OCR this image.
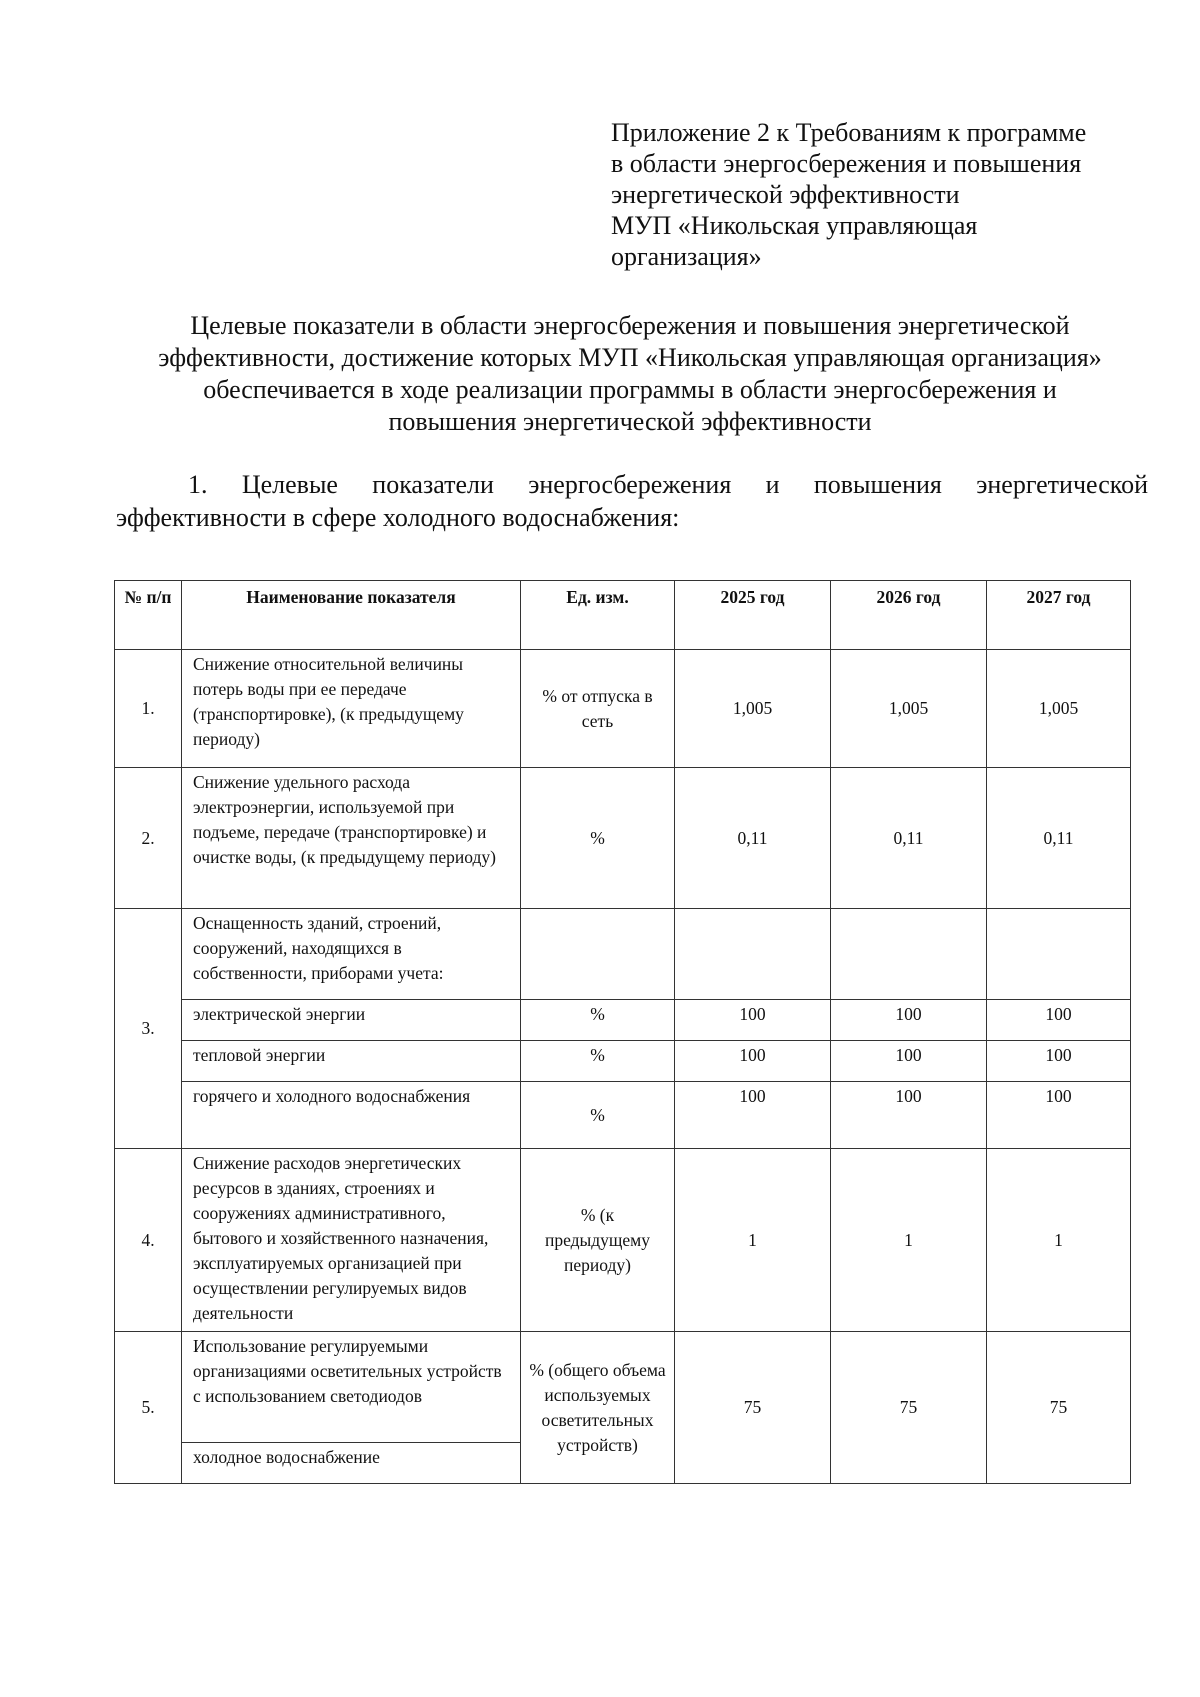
Приложение 2 к Требованиям к программе
в области энергосбережения и повышения
энергетической эффективности
МУП «Никольская управляющая
организация»
Целевые показатели в области энергосбережения и повышения энергетической
эффективности, достижение которых МУП «Никольская управляющая организация»
обеспечивается в ходе реализации программы в области энергосбережения и
повышения энергетической эффективности
1. Целевые показатели энергосбережения и повышения энергетической
эффективности в сфере холодного водоснабжения:
№ п/п	Наименование показателя	Ед. изм.	2025 год	2026 год	2027 год
1.	Снижение относительной величины потерь воды при ее передаче (транспортировке), (к предыдущему периоду)	% от отпуска в сеть	1,005	1,005	1,005
2.	Снижение удельного расхода электроэнергии, используемой при подъеме, передаче (транспортировке) и очистке воды, (к предыдущему периоду)	%	0,11	0,11	0,11
3.	Оснащенность зданий, строений, сооружений, находящихся в собственности, приборами учета:				
	электрической энергии	%	100	100	100
	тепловой энергии	%	100	100	100
	горячего и холодного водоснабжения	%	100	100	100
4.	Снижение расходов энергетических ресурсов в зданиях, строениях и сооружениях административного, бытового и хозяйственного назначения, эксплуатируемых организацией при осуществлении регулируемых видов деятельности	% (к предыдущему периоду)	1	1	1
5.	Использование регулируемыми организациями осветительных устройств с использованием светодиодов	% (общего объема используемых осветительных устройств)	75	75	75
	холодное водоснабжение				
